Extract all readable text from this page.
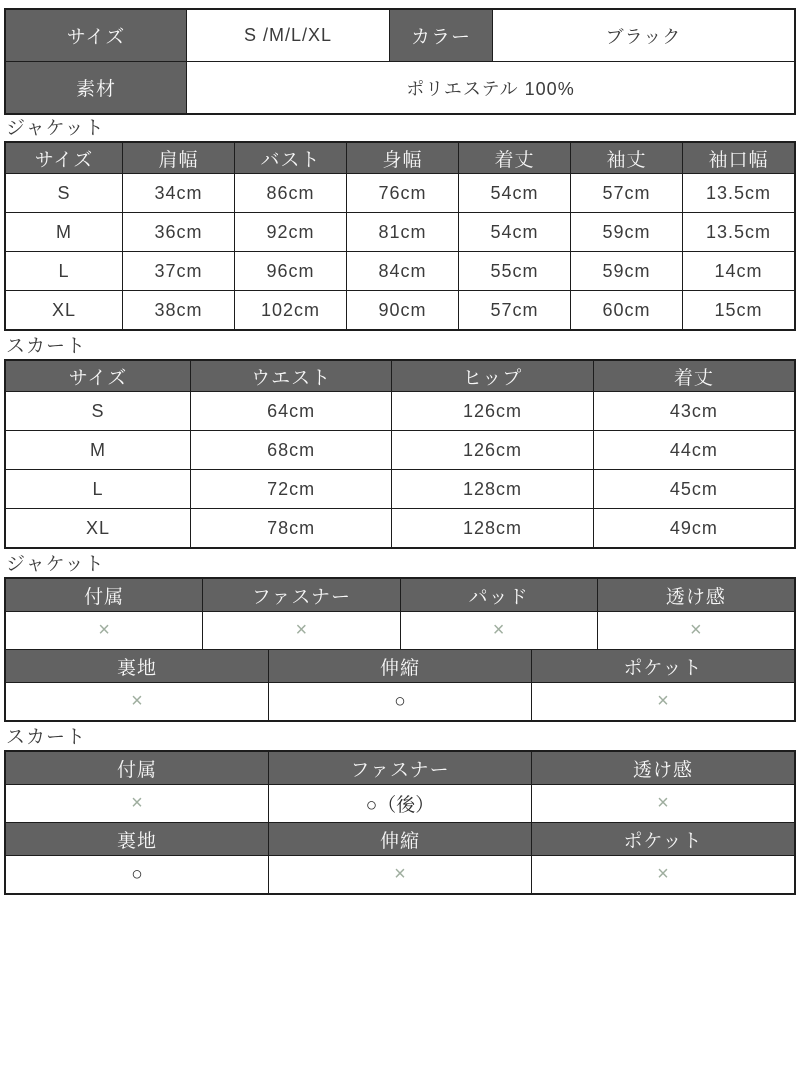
サイズ	S /M/L/XL	カラー	ブラック
素材	ポリエステル 100%
ジャケット
サイズ	肩幅	バスト	身幅	着丈	袖丈	袖口幅
S	34cm	86cm	76cm	54cm	57cm	13.5cm
M	36cm	92cm	81cm	54cm	59cm	13.5cm
L	37cm	96cm	84cm	55cm	59cm	14cm
XL	38cm	102cm	90cm	57cm	60cm	15cm
スカート
サイズ	ウエスト	ヒップ	着丈
S	64cm	126cm	43cm
M	68cm	126cm	44cm
L	72cm	128cm	45cm
XL	78cm	128cm	49cm
ジャケット
付属	ファスナー	パッド	透け感
×	×	×	×
裏地	伸縮	ポケット
×	○	×
スカート
付属	ファスナー	透け感
×	○（後）	×
裏地	伸縮	ポケット
○	×	×
